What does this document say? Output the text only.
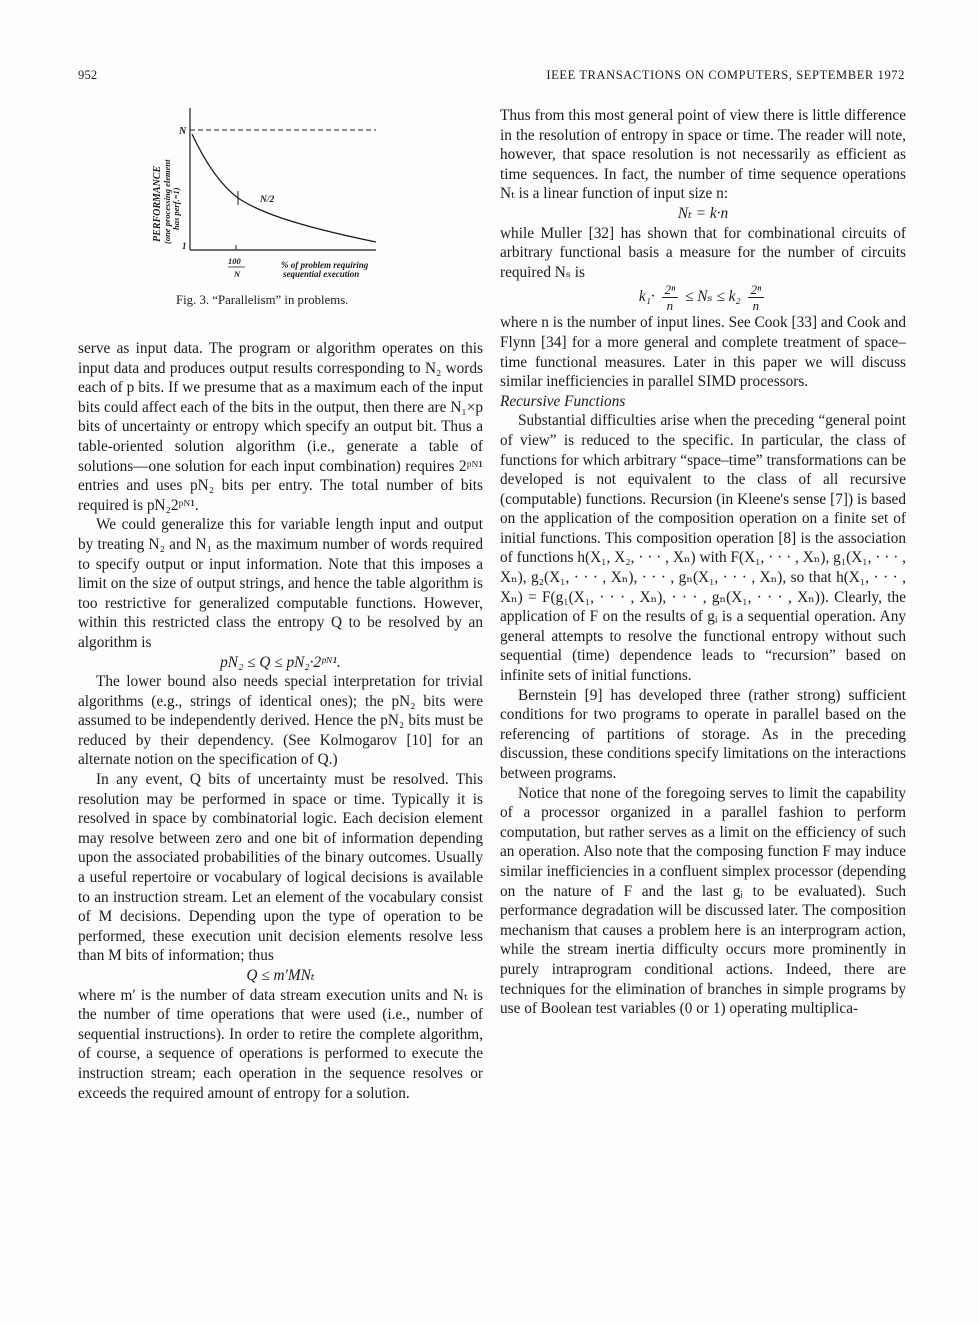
952	IEEE TRANSACTIONS ON COMPUTERS, SEPTEMBER 1972
PERFORMANCE (one processing element has perf.=1)
N
1
N/2
100
N
% of problem requiring
sequential execution
Fig. 3. “Parallelism” in problems.

serve as input data. The program or algorithm operates on this input data and produces output results corresponding to N₂ words each of p bits. If we presume that as a maximum each of the input bits could affect each of the bits in the output, then there are N₁×p bits of uncertainty or entropy which specify an output bit. Thus a table-oriented solution algorithm (i.e., generate a table of solutions—one solution for each input combination) requires 2ᵖᴺ¹ entries and uses pN₂ bits per entry. The total number of bits required is pN₂2ᵖᴺ¹.

We could generalize this for variable length input and output by treating N₂ and N₁ as the maximum number of words required to specify output or input information. Note that this imposes a limit on the size of output strings, and hence the table algorithm is too restrictive for generalized computable functions. However, within this restricted class the entropy Q to be resolved by an algorithm is

pN₂ ≤ Q ≤ pN₂·2ᵖᴺ¹.

The lower bound also needs special interpretation for trivial algorithms (e.g., strings of identical ones); the pN₂ bits were assumed to be independently derived. Hence the pN₂ bits must be reduced by their dependency. (See Kolmogarov [10] for an alternate notion on the specification of Q.)

In any event, Q bits of uncertainty must be resolved. This resolution may be performed in space or time. Typically it is resolved in space by combinatorial logic. Each decision element may resolve between zero and one bit of information depending upon the associated probabilities of the binary outcomes. Usually a useful repertoire or vocabulary of logical decisions is available to an instruction stream. Let an element of the vocabulary consist of M decisions. Depending upon the type of operation to be performed, these execution unit decision elements resolve less than M bits of information; thus

Q ≤ m′MNₜ

where m′ is the number of data stream execution units and Nₜ is the number of time operations that were used (i.e., number of sequential instructions). In order to retire the complete algorithm, of course, a sequence of operations is performed to execute the instruction stream; each operation in the sequence resolves or exceeds the required amount of entropy for a solution.

Thus from this most general point of view there is little difference in the resolution of entropy in space or time. The reader will note, however, that space resolution is not necessarily as efficient as time sequences. In fact, the number of time sequence operations Nₜ is a linear function of input size n:

Nₜ = k·n

while Muller [32] has shown that for combinational circuits of arbitrary functional basis a measure for the number of circuits required Nₛ is

$k_1\cdot \frac{\text{2ⁿ}}{n} \le N_s \le k_2 \frac{\text{2ⁿ}}{n}$

where n is the number of input lines. See Cook [33] and Cook and Flynn [34] for a more general and complete treatment of space–time functional measures. Later in this paper we will discuss similar inefficiencies in parallel SIMD processors.

Recursive Functions

Substantial difficulties arise when the preceding “general point of view” is reduced to the specific. In particular, the class of functions for which arbitrary “space–time” transformations can be developed is not equivalent to the class of all recursive (computable) functions. Recursion (in Kleene's sense [7]) is based on the application of the composition operation on a finite set of initial functions. This composition operation [8] is the association of functions h(X₁, X₂, · · · , Xₙ) with F(X₁, · · · , Xₙ), g₁(X₁, · · · , Xₙ), g₂(X₁, · · · , Xₙ), · · · , gₙ(X₁, · · · , Xₙ), so that h(X₁, · · · , Xₙ) = F(g₁(X₁, · · · , Xₙ), · · · , gₙ(X₁, · · · , Xₙ)). Clearly, the application of F on the results of gᵢ is a sequential operation. Any general attempts to resolve the functional entropy without such sequential (time) dependence leads to “recursion” based on infinite sets of initial functions.

Bernstein [9] has developed three (rather strong) sufficient conditions for two programs to operate in parallel based on the referencing of partitions of storage. As in the preceding discussion, these conditions specify limitations on the interactions between programs.

Notice that none of the foregoing serves to limit the capability of a processor organized in a parallel fashion to perform computation, but rather serves as a limit on the efficiency of such an operation. Also note that the composing function F may induce similar inefficiencies in a confluent simplex processor (depending on the nature of F and the last gᵢ to be evaluated). Such performance degradation will be discussed later. The composition mechanism that causes a problem here is an interprogram action, while the stream inertia difficulty occurs more prominently in purely intraprogram conditional actions. Indeed, there are techniques for the elimination of branches in simple programs by use of Boolean test variables (0 or 1) operating multiplica-
